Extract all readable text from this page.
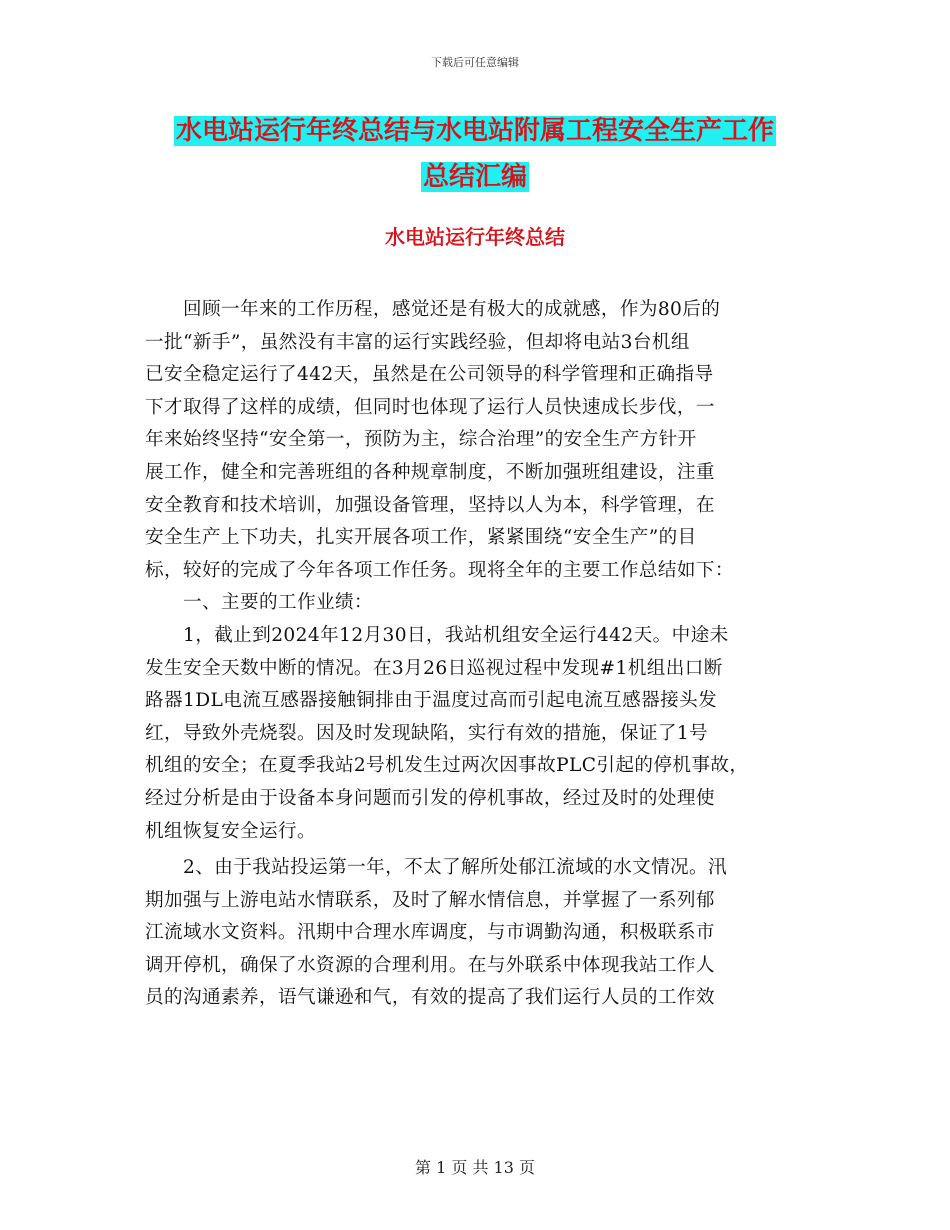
下载后可任意编辑
水电站运行年终总结与水电站附属工程安全生产工作
总结汇编
水电站运行年终总结
　　回顾一年来的工作历程，感觉还是有极大的成就感，作为80后的
一批“新手”，虽然没有丰富的运行实践经验，但却将电站3台机组
已安全稳定运行了442天，虽然是在公司领导的科学管理和正确指导
下才取得了这样的成绩，但同时也体现了运行人员快速成长步伐，一
年来始终坚持“安全第一，预防为主，综合治理”的安全生产方针开
展工作，健全和完善班组的各种规章制度，不断加强班组建设，注重
安全教育和技术培训，加强设备管理，坚持以人为本，科学管理，在
安全生产上下功夫，扎实开展各项工作，紧紧围绕“安全生产”的目
标，较好的完成了今年各项工作任务。现将全年的主要工作总结如下：
　　一、主要的工作业绩：
　　1，截止到2024年12月30日，我站机组安全运行442天。中途未
发生安全天数中断的情况。在3月26日巡视过程中发现#1机组出口断
路器1DL电流互感器接触铜排由于温度过高而引起电流互感器接头发
红，导致外壳烧裂。因及时发现缺陷，实行有效的措施，保证了1号
机组的安全；在夏季我站2号机发生过两次因事故PLC引起的停机事故，
经过分析是由于设备本身问题而引发的停机事故，经过及时的处理使
机组恢复安全运行。
　　2、由于我站投运第一年，不太了解所处郁江流域的水文情况。汛
期加强与上游电站水情联系，及时了解水情信息，并掌握了一系列郁
江流域水文资料。汛期中合理水库调度，与市调勤沟通，积极联系市
调开停机，确保了水资源的合理利用。在与外联系中体现我站工作人
员的沟通素养，语气谦逊和气，有效的提高了我们运行人员的工作效
第 1 页 共 13 页
